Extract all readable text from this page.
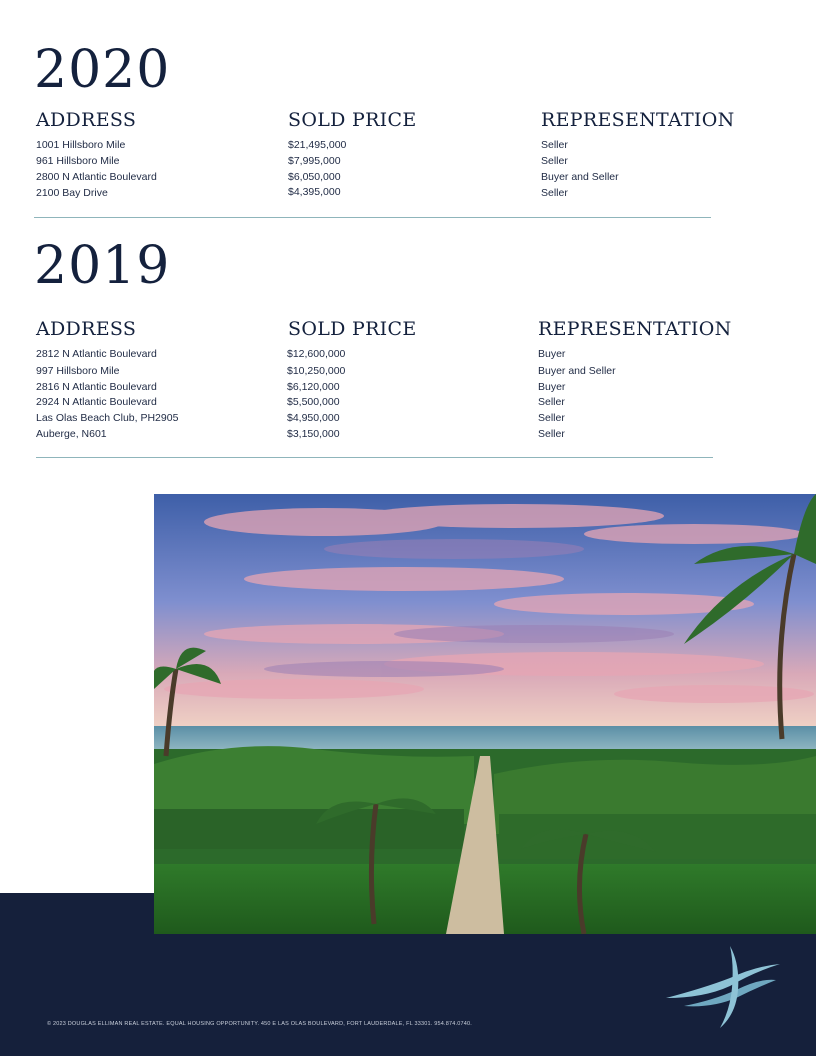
2020
ADDRESS	SOLD PRICE	REPRESENTATION
1001 Hillsboro Mile	$21,495,000	Seller
961 Hillsboro Mile	$7,995,000	Seller
2800 N Atlantic Boulevard	$6,050,000	Buyer and Seller
2100 Bay Drive	$4,395,000	Seller
2019
ADDRESS	SOLD PRICE	REPRESENTATION
2812 N Atlantic Boulevard	$12,600,000	Buyer
997 Hillsboro Mile	$10,250,000	Buyer and Seller
2816 N Atlantic Boulevard	$6,120,000	Buyer
2924 N Atlantic Boulevard	$5,500,000	Seller
Las Olas Beach Club, PH2905	$4,950,000	Seller
Auberge, N601	$3,150,000	Seller
© 2023 DOUGLAS ELLIMAN REAL ESTATE. EQUAL HOUSING OPPORTUNITY. 450 E LAS OLAS BOULEVARD, FORT LAUDERDALE, FL 33301. 954.874.0740.
